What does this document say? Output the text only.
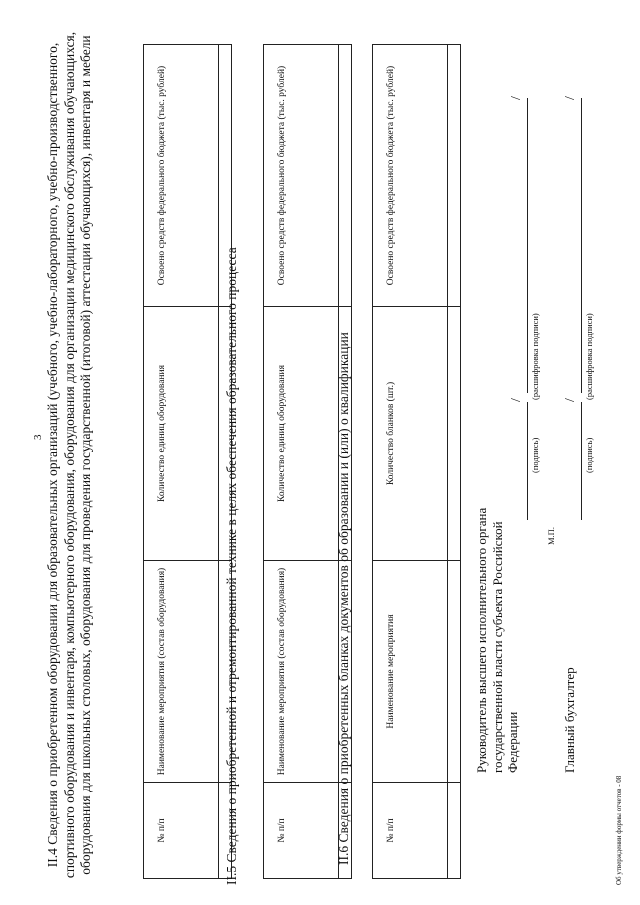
3 II.4 Сведения о приобретенном оборудовании для образовательных организаций (учебного, учебно-лабораторного, учебно-производственного, спортивного оборудования и инвентаря, компьютерного оборудования, оборудования для организации медицинского обслуживания обучающихся, оборудования для школьных столовых, оборудования для проведения государственной (итоговой) аттестации обучающихся), инвентаря и мебели	№ п/п	Наименование мероприятия (состав оборудования)	Количество единиц оборудования	Освоено средств федерального бюджета (тыс. рублей)

II.5 Сведения о приобретенной и отремонтированной технике в целях обеспечения образовательного процесса	№ п/п	Наименование мероприятия (состав оборудования)	Количество единиц оборудования	Освоено средств федерального бюджета (тыс. рублей)

II.6 Сведения о приобретенных бланках документов об образовании и (или) о квалификации	№ п/п	Наименование мероприятия	Количество бланков (шт.)	Освоено средств федерального бюджета (тыс. рублей)

Руководитель высшего исполнительного органа государственной власти субъекта Российской Федерации
/
/
(подпись)
(расшифровка подписи)
М.П.
Главный бухгалтер
/
/
(подпись)
(расшифровка подписи)
Об утверждении формы отчетов - 08
